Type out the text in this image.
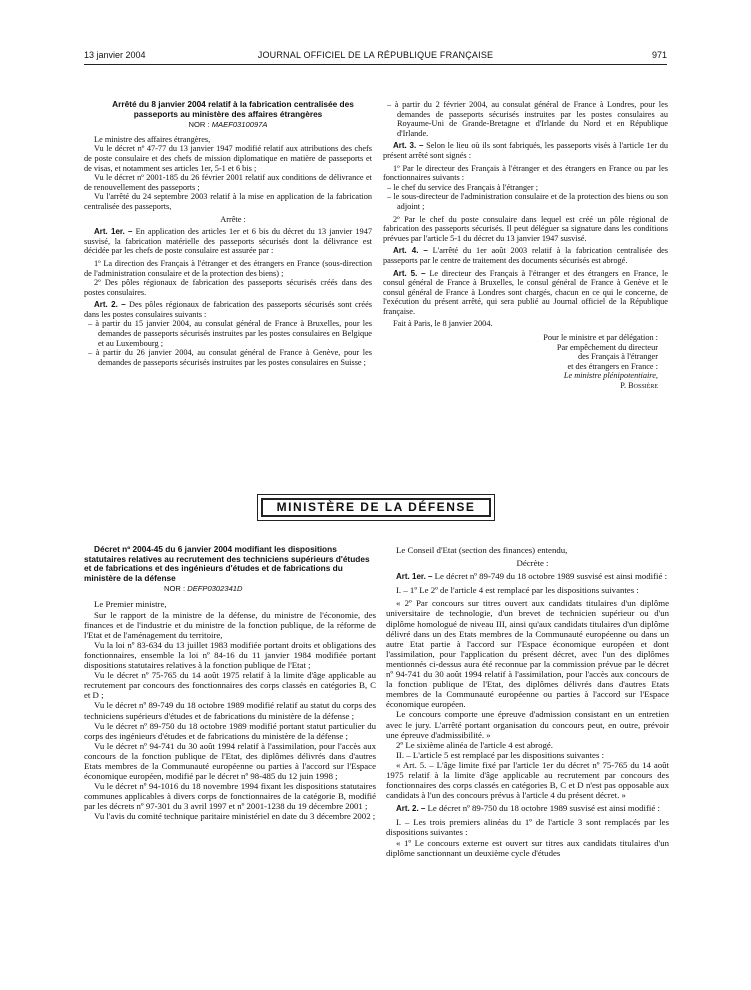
13 janvier 2004	JOURNAL OFFICIEL DE LA RÉPUBLIQUE FRANÇAISE	971

Arrêté du 8 janvier 2004 relatif à la fabrication centralisée des passeports au ministère des affaires étrangères

NOR : MAEF0310097A

Le ministre des affaires étrangères,

Vu le décret nº 47-77 du 13 janvier 1947 modifié relatif aux attributions des chefs de poste consulaire et des chefs de mission diplomatique en matière de passeports et de visas, et notamment ses articles 1er, 5-1 et 6 bis ;

Vu le décret nº 2001-185 du 26 février 2001 relatif aux conditions de délivrance et de renouvellement des passeports ;

Vu l'arrêté du 24 septembre 2003 relatif à la mise en application de la fabrication centralisée des passeports,

Arrête :

Art. 1er. – En application des articles 1er et 6 bis du décret du 13 janvier 1947 susvisé, la fabrication matérielle des passeports sécurisés dont la délivrance est décidée par les chefs de poste consulaire est assurée par :

1º La direction des Français à l'étranger et des étrangers en France (sous-direction de l'administration consulaire et de la protection des biens) ;

2º Des pôles régionaux de fabrication des passeports sécurisés créés dans des postes consulaires.

Art. 2. – Des pôles régionaux de fabrication des passeports sécurisés sont créés dans les postes consulaires suivants :

– à partir du 15 janvier 2004, au consulat général de France à Bruxelles, pour les demandes de passeports sécurisés instruites par les postes consulaires en Belgique et au Luxembourg ;
– à partir du 26 janvier 2004, au consulat général de France à Genève, pour les demandes de passeports sécurisés instruites par les postes consulaires en Suisse ;
– à partir du 2 février 2004, au consulat général de France à Londres, pour les demandes de passeports sécurisés instruites par les postes consulaires au Royaume-Uni de Grande-Bretagne et d'Irlande du Nord et en République d'Irlande.

Art. 3. – Selon le lieu où ils sont fabriqués, les passeports visés à l'article 1er du présent arrêté sont signés :

1º Par le directeur des Français à l'étranger et des étrangers en France ou par les fonctionnaires suivants :

– le chef du service des Français à l'étranger ;
– le sous-directeur de l'administration consulaire et de la protection des biens ou son adjoint ;

2º Par le chef du poste consulaire dans lequel est créé un pôle régional de fabrication des passeports sécurisés. Il peut déléguer sa signature dans les conditions prévues par l'article 5-1 du décret du 13 janvier 1947 susvisé.

Art. 4. – L'arrêté du 1er août 2003 relatif à la fabrication centralisée des passeports par le centre de traitement des documents sécurisés est abrogé.

Art. 5. – Le directeur des Français à l'étranger et des étrangers en France, le consul général de France à Bruxelles, le consul général de France à Genève et le consul général de France à Londres sont chargés, chacun en ce qui le concerne, de l'exécution du présent arrêté, qui sera publié au Journal officiel de la République française.

Fait à Paris, le 8 janvier 2004.

Pour le ministre et par délégation :
Par empêchement du directeur
des Français à l'étranger
et des étrangers en France :
Le ministre plénipotentiaire,
P. Bossière
MINISTÈRE DE LA DÉFENSE

Décret nº 2004-45 du 6 janvier 2004 modifiant les dispositions statutaires relatives au recrutement des techniciens supérieurs d'études et de fabrications et des ingénieurs d'études et de fabrications du ministère de la défense

NOR : DEFP0302341D

Le Premier ministre,

Sur le rapport de la ministre de la défense, du ministre de l'économie, des finances et de l'industrie et du ministre de la fonction publique, de la réforme de l'Etat et de l'aménagement du territoire,

Vu la loi nº 83-634 du 13 juillet 1983 modifiée portant droits et obligations des fonctionnaires, ensemble la loi nº 84-16 du 11 janvier 1984 modifiée portant dispositions statutaires relatives à la fonction publique de l'Etat ;

Vu le décret nº 75-765 du 14 août 1975 relatif à la limite d'âge applicable au recrutement par concours des fonctionnaires des corps classés en catégories B, C et D ;

Vu le décret nº 89-749 du 18 octobre 1989 modifié relatif au statut du corps des techniciens supérieurs d'études et de fabrications du ministère de la défense ;

Vu le décret nº 89-750 du 18 octobre 1989 modifié portant statut particulier du corps des ingénieurs d'études et de fabrications du ministère de la défense ;

Vu le décret nº 94-741 du 30 août 1994 relatif à l'assimilation, pour l'accès aux concours de la fonction publique de l'Etat, des diplômes délivrés dans d'autres Etats membres de la Communauté européenne ou parties à l'accord sur l'Espace économique européen, modifié par le décret nº 98-485 du 12 juin 1998 ;

Vu le décret nº 94-1016 du 18 novembre 1994 fixant les dispositions statutaires communes applicables à divers corps de fonctionnaires de la catégorie B, modifié par les décrets nº 97-301 du 3 avril 1997 et nº 2001-1238 du 19 décembre 2001 ;

Vu l'avis du comité technique paritaire ministériel en date du 3 décembre 2002 ;

Le Conseil d'Etat (section des finances) entendu,

Décrète :

Art. 1er. – Le décret nº 89-749 du 18 octobre 1989 susvisé est ainsi modifié :

I. – 1º Le 2º de l'article 4 est remplacé par les dispositions suivantes :

« 2º Par concours sur titres ouvert aux candidats titulaires d'un diplôme universitaire de technologie, d'un brevet de technicien supérieur ou d'un diplôme homologué de niveau III, ainsi qu'aux candidats titulaires d'un diplôme délivré dans un des Etats membres de la Communauté européenne ou dans un autre Etat partie à l'accord sur l'Espace économique européen et dont l'assimilation, pour l'application du présent décret, avec l'un des diplômes mentionnés ci-dessus aura été reconnue par la commission prévue par le décret nº 94-741 du 30 août 1994 relatif à l'assimilation, pour l'accès aux concours de la fonction publique de l'Etat, des diplômes délivrés dans d'autres Etats membres de la Communauté européenne ou parties à l'accord sur l'Espace économique européen.

Le concours comporte une épreuve d'admission consistant en un entretien avec le jury. L'arrêté portant organisation du concours peut, en outre, prévoir une épreuve d'admissibilité. »

2º Le sixième alinéa de l'article 4 est abrogé.

II. – L'article 5 est remplacé par les dispositions suivantes :

« Art. 5. – L'âge limite fixé par l'article 1er du décret nº 75-765 du 14 août 1975 relatif à la limite d'âge applicable au recrutement par concours des fonctionnaires des corps classés en catégories B, C et D n'est pas opposable aux candidats à l'un des concours prévus à l'article 4 du présent décret. »

Art. 2. – Le décret nº 89-750 du 18 octobre 1989 susvisé est ainsi modifié :

I. – Les trois premiers alinéas du 1º de l'article 3 sont remplacés par les dispositions suivantes :

« 1º Le concours externe est ouvert sur titres aux candidats titulaires d'un diplôme sanctionnant un deuxième cycle d'études
